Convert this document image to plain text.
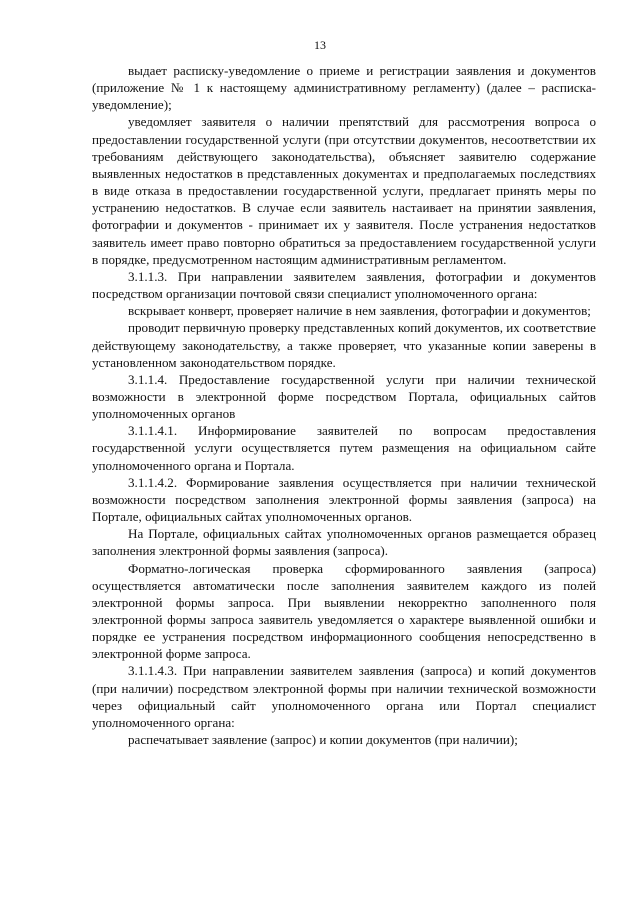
13

выдает расписку-уведомление о приеме и регистрации заявления и документов (приложение № 1 к настоящему административному регламенту) (далее – расписка-уведомление);

уведомляет заявителя о наличии препятствий для рассмотрения вопроса о предоставлении государственной услуги (при отсутствии документов, несоответствии их требованиям действующего законодательства), объясняет заявителю содержание выявленных недостатков в представленных документах и предполагаемых последствиях в виде отказа в предоставлении государственной услуги, предлагает принять меры по устранению недостатков. В случае если заявитель настаивает на принятии заявления, фотографии и документов - принимает их у заявителя. После устранения недостатков заявитель имеет право повторно обратиться за предоставлением государственной услуги в порядке, предусмотренном настоящим административным регламентом.

3.1.1.3. При направлении заявителем заявления, фотографии и документов посредством организации почтовой связи специалист уполномоченного органа:

вскрывает конверт, проверяет наличие в нем заявления, фотографии и документов;

проводит первичную проверку представленных копий документов, их соответствие действующему законодательству, а также проверяет, что указанные копии заверены в установленном законодательством порядке.

3.1.1.4. Предоставление государственной услуги при наличии технической возможности в электронной форме посредством Портала, официальных сайтов уполномоченных органов

3.1.1.4.1. Информирование заявителей по вопросам предоставления государственной услуги осуществляется путем размещения на официальном сайте уполномоченного органа и Портала.

3.1.1.4.2. Формирование заявления осуществляется при наличии технической возможности посредством заполнения электронной формы заявления (запроса) на Портале, официальных сайтах уполномоченных органов.

На Портале, официальных сайтах уполномоченных органов размещается образец заполнения электронной формы заявления (запроса).

Форматно-логическая проверка сформированного заявления (запроса) осуществляется автоматически после заполнения заявителем каждого из полей электронной формы запроса. При выявлении некорректно заполненного поля электронной формы запроса заявитель уведомляется о характере выявленной ошибки и порядке ее устранения посредством информационного сообщения непосредственно в электронной форме запроса.

3.1.1.4.3. При направлении заявителем заявления (запроса) и копий документов (при наличии) посредством электронной формы при наличии технической возможности через официальный сайт уполномоченного органа или Портал специалист уполномоченного органа:

распечатывает заявление (запрос) и копии документов (при наличии);
